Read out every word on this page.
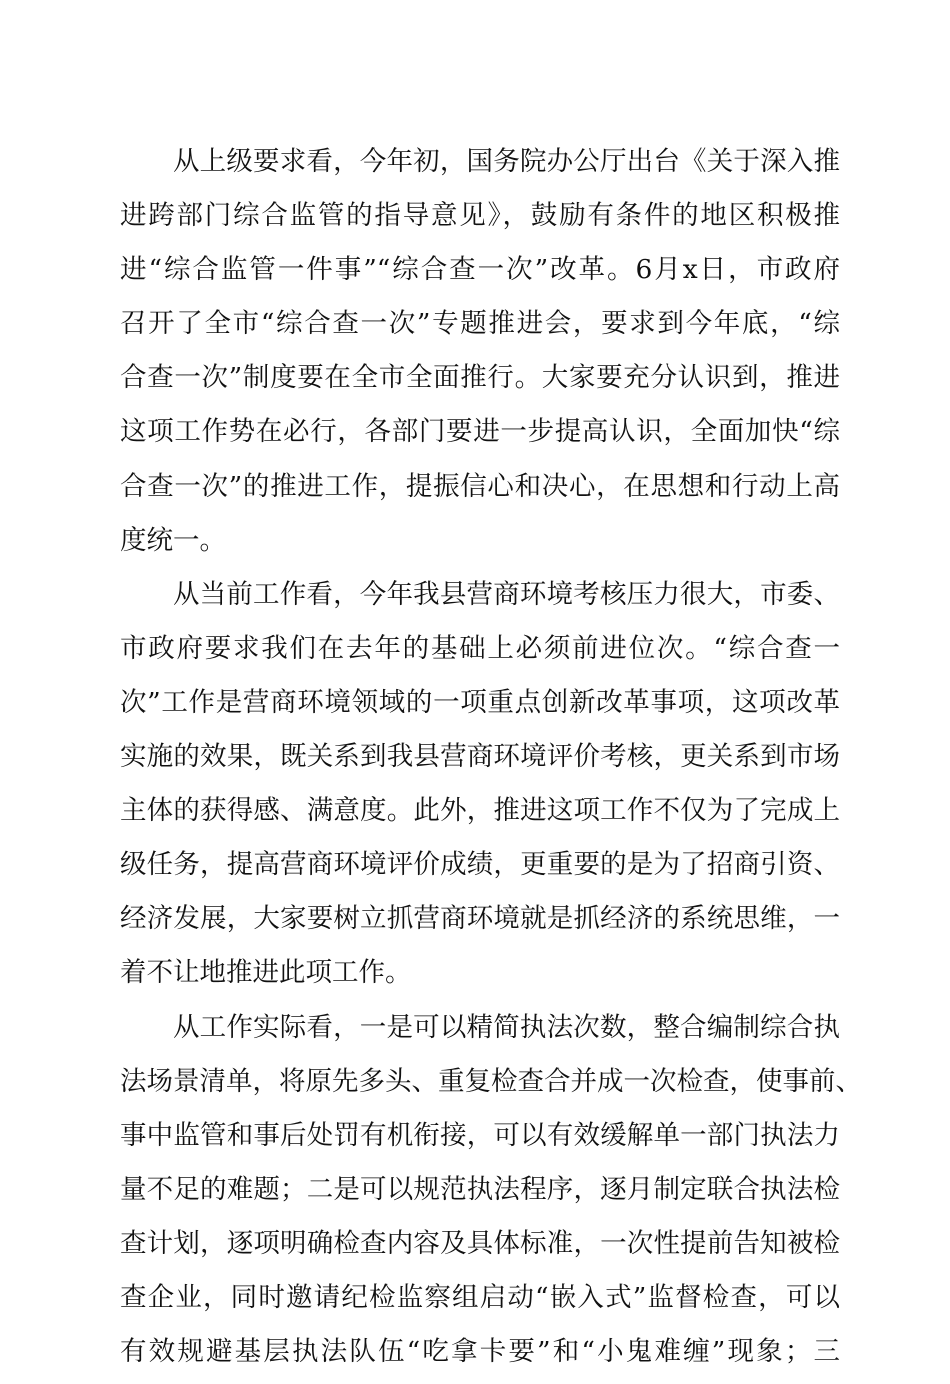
从上级要求看，今年初，国务院办公厅出台《关于深入推
进跨部门综合监管的指导意见》，鼓励有条件的地区积极推
进“综合监管一件事”“综合查一次”改革。6月x日，市政府
召开了全市“综合查一次”专题推进会，要求到今年底，“综
合查一次”制度要在全市全面推行。大家要充分认识到，推进
这项工作势在必行，各部门要进一步提高认识，全面加快“综
合查一次”的推进工作，提振信心和决心，在思想和行动上高
度统一。
从当前工作看，今年我县营商环境考核压力很大，市委、
市政府要求我们在去年的基础上必须前进位次。“综合查一
次”工作是营商环境领域的一项重点创新改革事项，这项改革
实施的效果，既关系到我县营商环境评价考核，更关系到市场
主体的获得感、满意度。此外，推进这项工作不仅为了完成上
级任务，提高营商环境评价成绩，更重要的是为了招商引资、
经济发展，大家要树立抓营商环境就是抓经济的系统思维，一
着不让地推进此项工作。
从工作实际看，一是可以精简执法次数，整合编制综合执
法场景清单，将原先多头、重复检查合并成一次检查，使事前、
事中监管和事后处罚有机衔接，可以有效缓解单一部门执法力
量不足的难题；二是可以规范执法程序，逐月制定联合执法检
查计划，逐项明确检查内容及具体标准，一次性提前告知被检
查企业，同时邀请纪检监察组启动“嵌入式”监督检查，可以
有效规避基层执法队伍“吃拿卡要”和“小鬼难缠”现象；三
